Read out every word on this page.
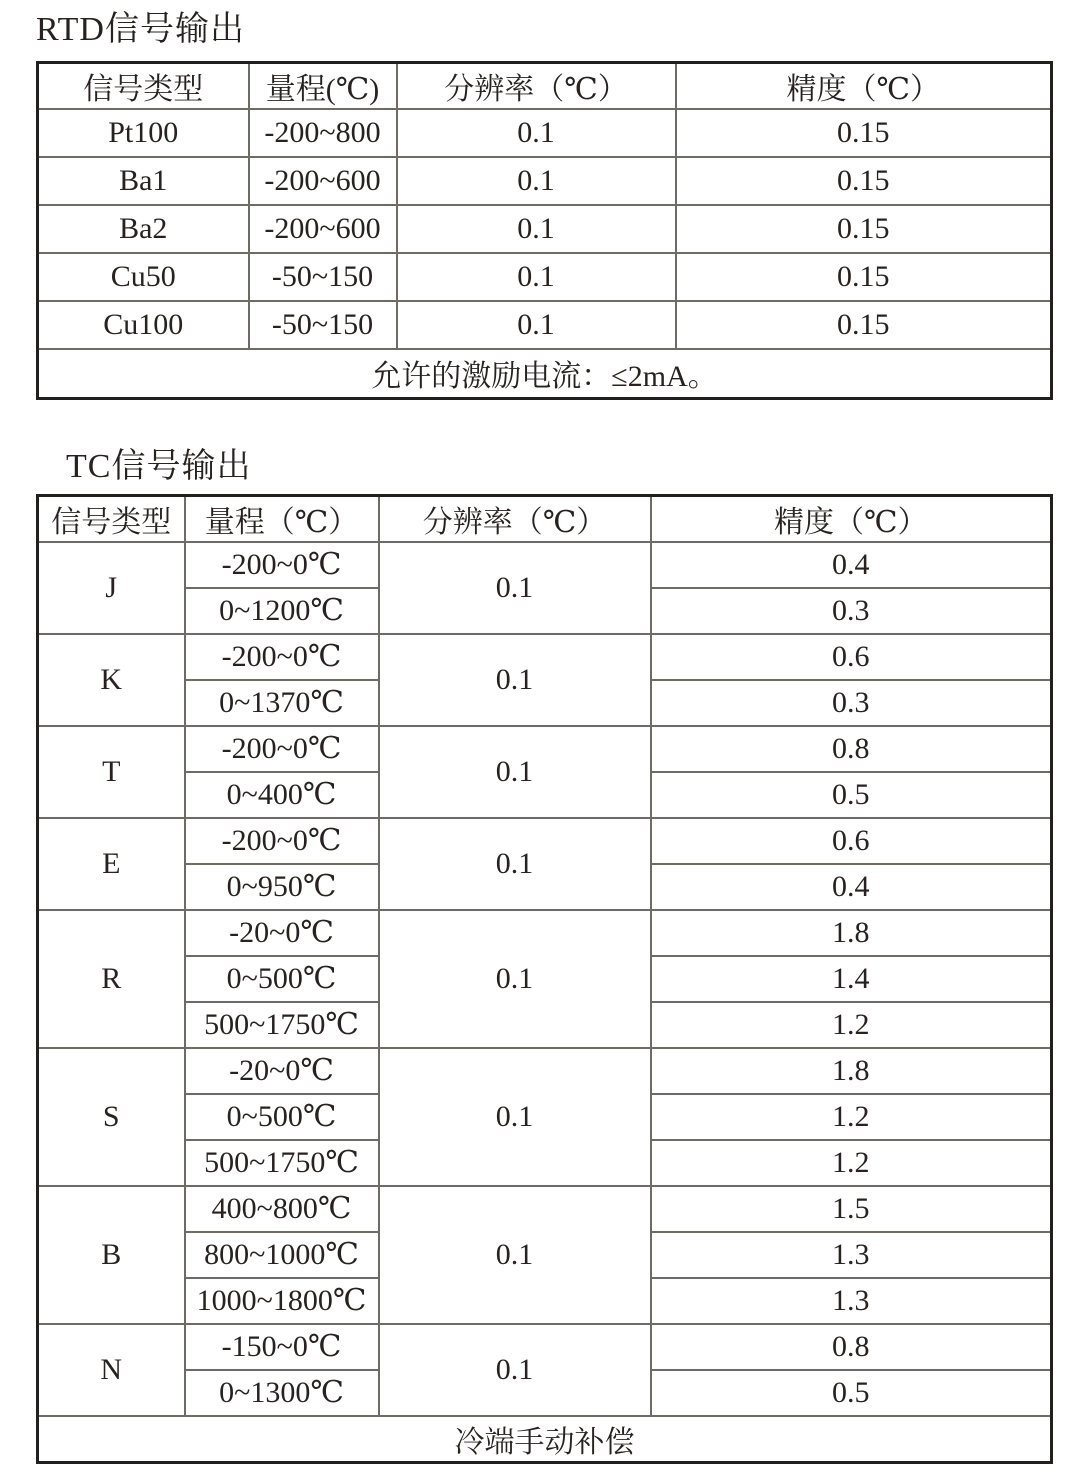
RTD信号输出
信号类型	量程(℃)	分辨率（℃）	精度（℃）
Pt100	-200~800	0.1	0.15
Ba1	-200~600	0.1	0.15
Ba2	-200~600	0.1	0.15
Cu50	-50~150	0.1	0.15
Cu100	-50~150	0.1	0.15
允许的激励电流：≤2mA。			
TC信号输出
信号类型	量程（℃）	分辨率（℃）	精度（℃）
J	-200~0℃	0.1	0.4
	0~1200℃		0.3
K	-200~0℃	0.1	0.6
	0~1370℃		0.3
T	-200~0℃	0.1	0.8
	0~400℃		0.5
E	-200~0℃	0.1	0.6
	0~950℃		0.4
R	-20~0℃	0.1	1.8
	0~500℃		1.4
	500~1750℃		1.2
S	-20~0℃	0.1	1.8
	0~500℃		1.2
	500~1750℃		1.2
B	400~800℃	0.1	1.5
	800~1000℃		1.3
	1000~1800℃		1.3
N	-150~0℃	0.1	0.8
	0~1300℃		0.5
冷端手动补偿			
